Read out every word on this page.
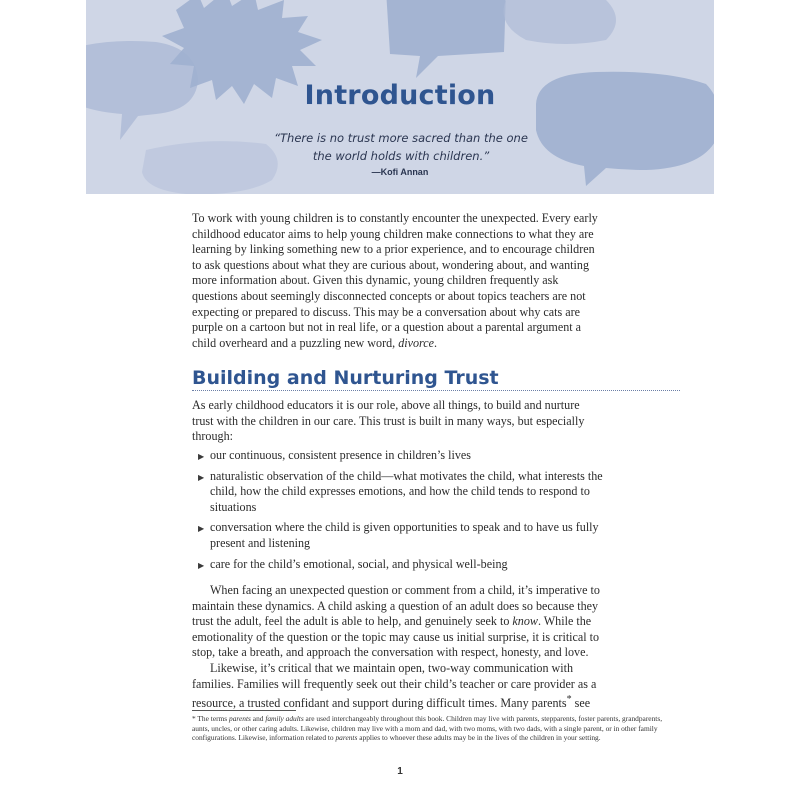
Introduction
“There is no trust more sacred than the one
the world holds with children.”
—Kofi Annan

To work with young children is to constantly encounter the unexpected. Every early childhood educator aims to help young children make connections to what they are learning by linking something new to a prior experience, and to encourage children to ask questions about what they are curious about, wondering about, and wanting more information about. Given this dynamic, young children frequently ask questions about seemingly disconnected concepts or about topics teachers are not expecting or prepared to discuss. This may be a conversation about why cats are purple on a cartoon but not in real life, or a question about a parental argument a child overheard and a puzzling new word, divorce.

Building and Nurturing Trust
As early childhood educators it is our role, above all things, to build and nurture trust with the children in our care. This trust is built in many ways, but especially through:
▶ our continuous, consistent presence in children’s lives
▶ naturalistic observation of the child—what motivates the child, what interests the child, how the child expresses emotions, and how the child tends to respond to situations
▶ conversation where the child is given opportunities to speak and to have us fully present and listening
▶ care for the child’s emotional, social, and physical well-being

When facing an unexpected question or comment from a child, it’s imperative to maintain these dynamics. A child asking a question of an adult does so because they trust the adult, feel the adult is able to help, and genuinely seek to know. While the emotionality of the question or the topic may cause us initial surprise, it is critical to stop, take a breath, and approach the conversation with respect, honesty, and love.

Likewise, it’s critical that we maintain open, two-way communication with families. Families will frequently seek out their child’s teacher or care provider as a resource, a trusted confidant and support during difficult times. Many parents* see

* The terms parents and family adults are used interchangeably throughout this book. Children may live with parents, stepparents, foster parents, grandparents, aunts, uncles, or other caring adults. Likewise, children may live with a mom and dad, with two moms, with two dads, with a single parent, or in other family configurations. Likewise, information related to parents applies to whoever these adults may be in the lives of the children in your setting.
1
